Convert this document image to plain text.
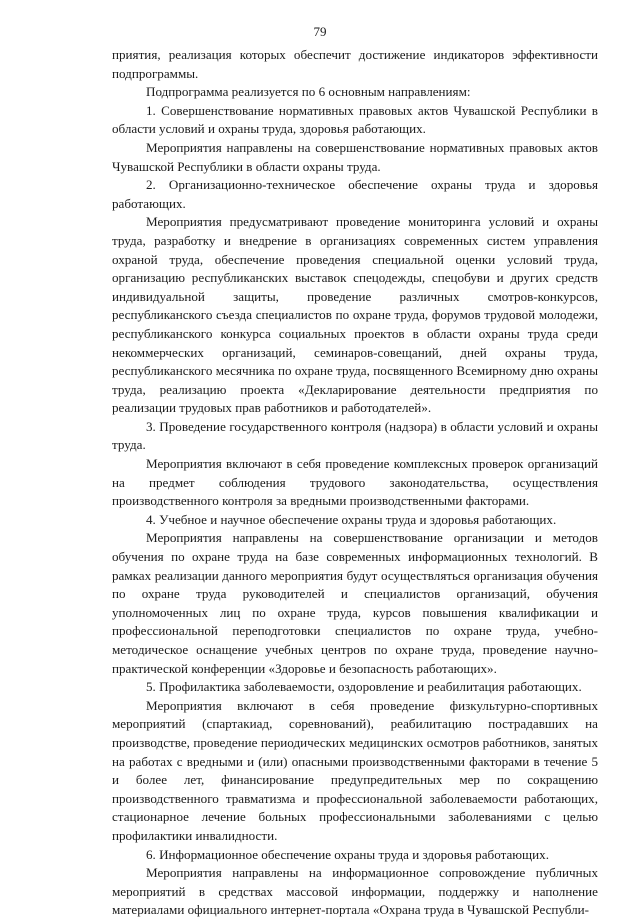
79

приятия, реализация которых обеспечит достижение индикаторов эффективности подпрограммы.

Подпрограмма реализуется по 6 основным направлениям:

1. Совершенствование нормативных правовых актов Чувашской Республики в области условий и охраны труда, здоровья работающих.

Мероприятия направлены на совершенствование нормативных правовых актов Чувашской Республики в области охраны труда.

2. Организационно-техническое обеспечение охраны труда и здоровья работающих.

Мероприятия предусматривают проведение мониторинга условий и охраны труда, разработку и внедрение в организациях современных систем управления охраной труда, обеспечение проведения специальной оценки условий труда, организацию республиканских выставок спецодежды, спецобуви и других средств индивидуальной защиты, проведение различных смотров-конкурсов, республиканского съезда специалистов по охране труда, форумов трудовой молодежи, республиканского конкурса социальных проектов в области охраны труда среди некоммерческих организаций, семинаров-совещаний, дней охраны труда, республиканского месячника по охране труда, посвященного Всемирному дню охраны труда, реализацию проекта «Декларирование деятельности предприятия по реализации трудовых прав работников и работодателей».

3. Проведение государственного контроля (надзора) в области условий и охраны труда.

Мероприятия включают в себя проведение комплексных проверок организаций на предмет соблюдения трудового законодательства, осуществления производственного контроля за вредными производственными факторами.

4. Учебное и научное обеспечение охраны труда и здоровья работающих.

Мероприятия направлены на совершенствование организации и методов обучения по охране труда на базе современных информационных технологий. В рамках реализации данного мероприятия будут осуществляться организация обучения по охране труда руководителей и специалистов организаций, обучения уполномоченных лиц по охране труда, курсов повышения квалификации и профессиональной переподготовки специалистов по охране труда, учебно-методическое оснащение учебных центров по охране труда, проведение научно-практической конференции «Здоровье и безопасность работающих».

5. Профилактика заболеваемости, оздоровление и реабилитация работающих.

Мероприятия включают в себя проведение физкультурно-спортивных мероприятий (спартакиад, соревнований), реабилитацию пострадавших на производстве, проведение периодических медицинских осмотров работников, занятых на работах с вредными и (или) опасными производственными факторами в течение 5 и более лет, финансирование предупредительных мер по сокращению производственного травматизма и профессиональной заболеваемости работающих, стационарное лечение больных профессиональными заболеваниями с целью профилактики инвалидности.

6. Информационное обеспечение охраны труда и здоровья работающих.

Мероприятия направлены на информационное сопровождение публичных мероприятий в средствах массовой информации, поддержку и наполнение материалами официального интернет-портала «Охрана труда в Чувашской Республи-
